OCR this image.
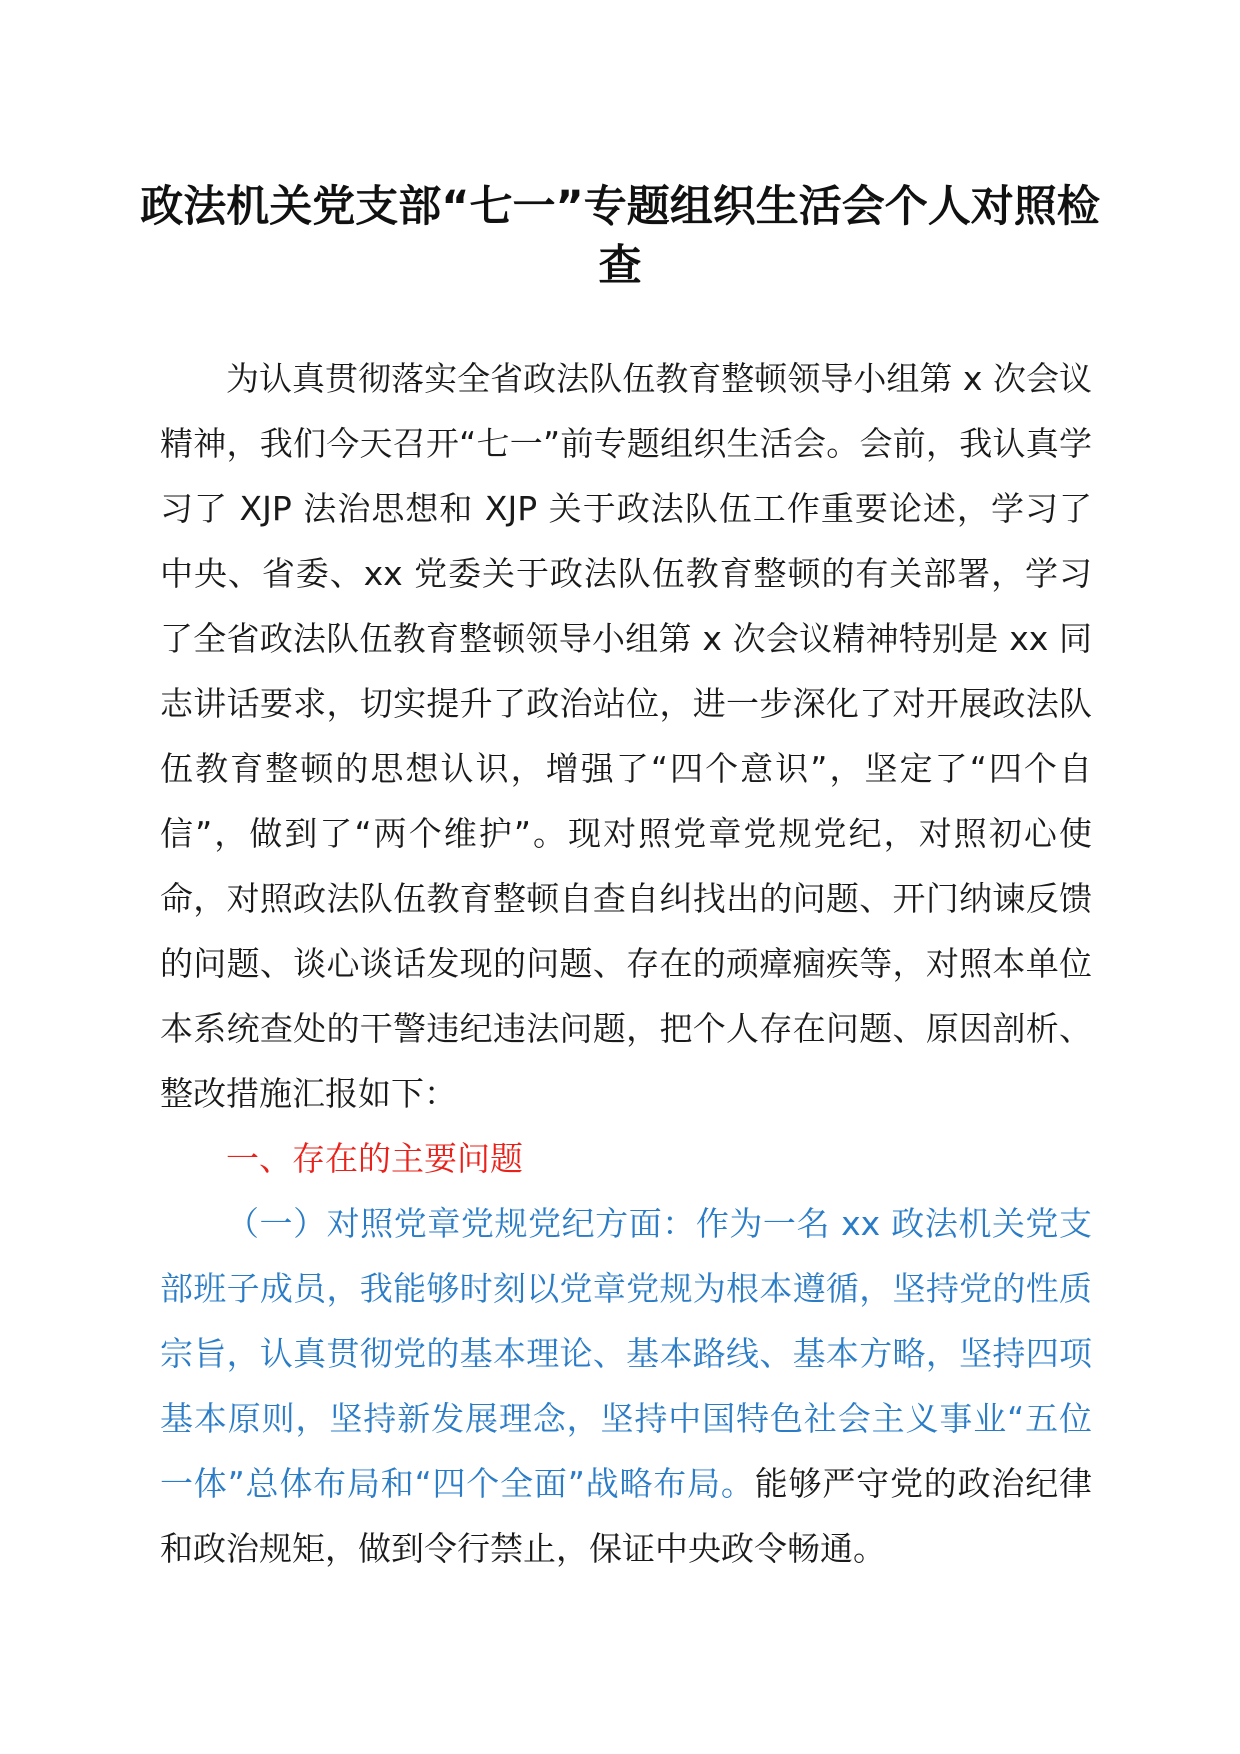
政法机关党支部“七一”专题组织生活会个人对照检查

为认真贯彻落实全省政法队伍教育整顿领导小组第 x 次会议精神，我们今天召开“七一”前专题组织生活会。会前，我认真学习了 XJP 法治思想和 XJP 关于政法队伍工作重要论述，学习了中央、省委、xx 党委关于政法队伍教育整顿的有关部署，学习了全省政法队伍教育整顿领导小组第 x 次会议精神特别是 xx 同志讲话要求，切实提升了政治站位，进一步深化了对开展政法队伍教育整顿的思想认识，增强了“四个意识”，坚定了“四个自信”，做到了“两个维护”。现对照党章党规党纪，对照初心使命，对照政法队伍教育整顿自查自纠找出的问题、开门纳谏反馈的问题、谈心谈话发现的问题、存在的顽瘴痼疾等，对照本单位本系统查处的干警违纪违法问题，把个人存在问题、原因剖析、整改措施汇报如下：

一、存在的主要问题

（一）对照党章党规党纪方面：作为一名 xx 政法机关党支部班子成员，我能够时刻以党章党规为根本遵循，坚持党的性质宗旨，认真贯彻党的基本理论、基本路线、基本方略，坚持四项基本原则，坚持新发展理念，坚持中国特色社会主义事业“五位一体”总体布局和“四个全面”战略布局。能够严守党的政治纪律和政治规矩，做到令行禁止，保证中央政令畅通。
